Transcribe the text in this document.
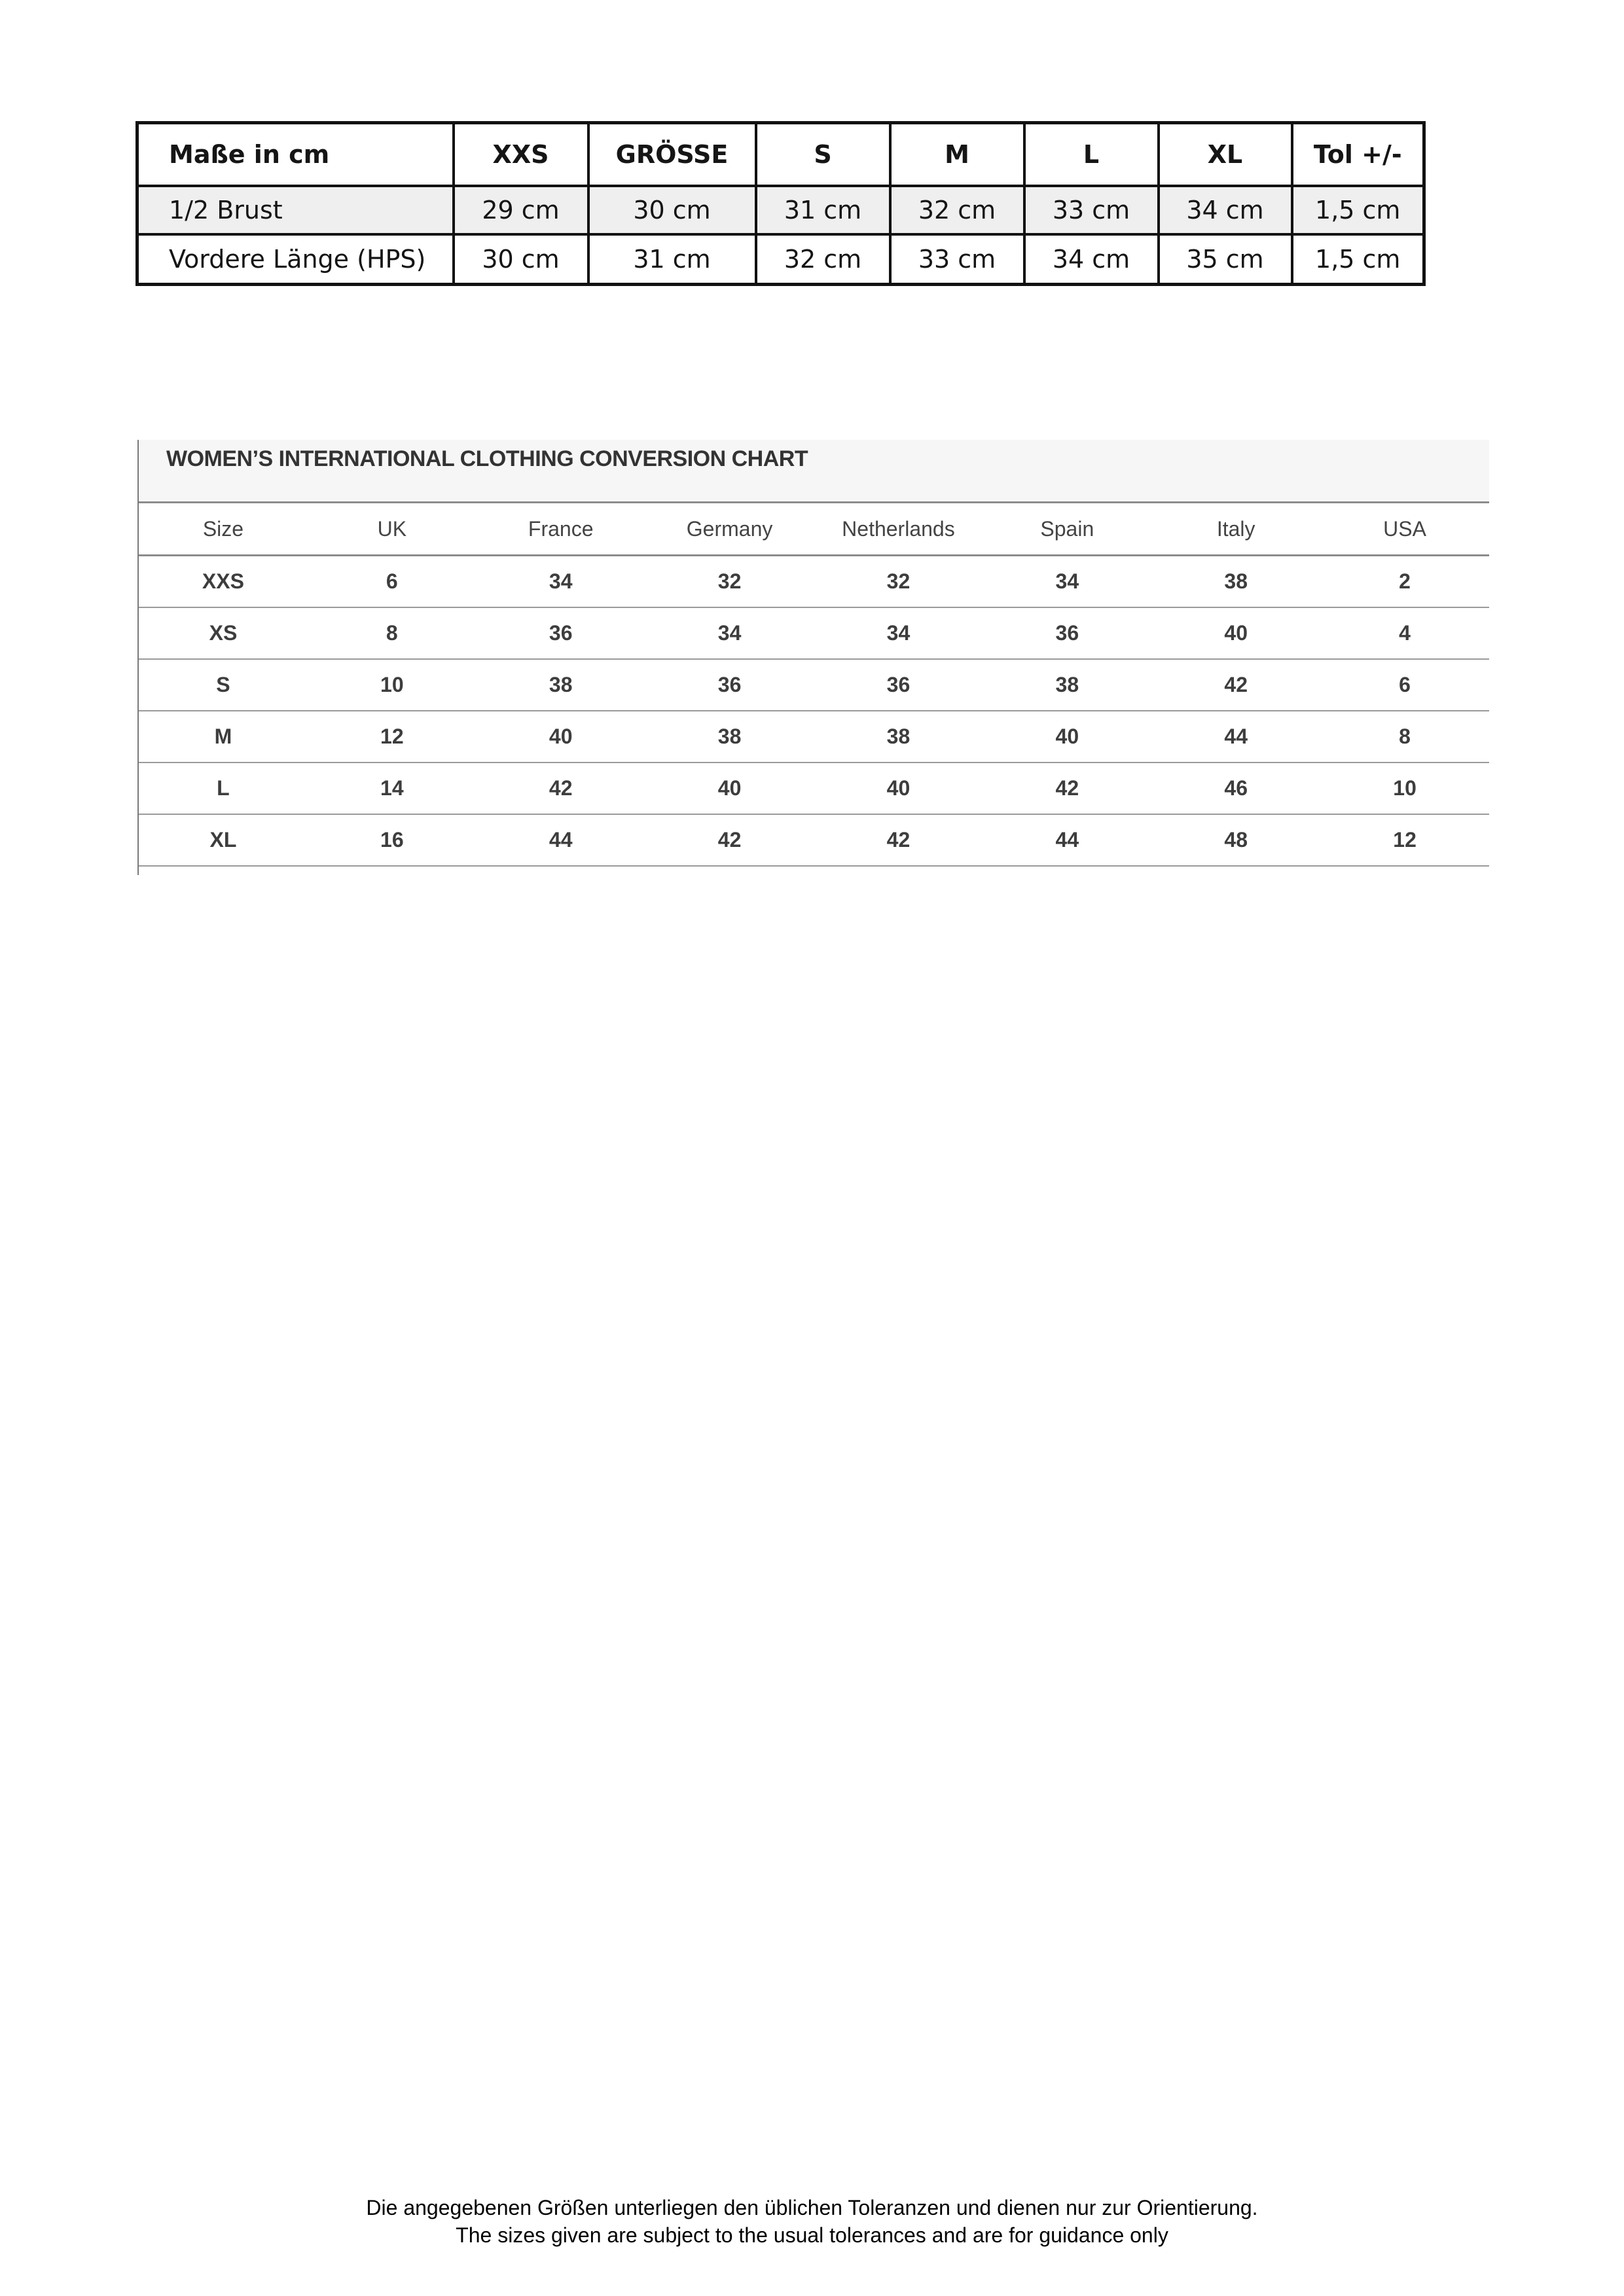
Maße in cm	XXS	GRÖSSE	S	M	L	XL	Tol +/-
1/2 Brust	29 cm	30 cm	31 cm	32 cm	33 cm	34 cm	1,5 cm
Vordere Länge (HPS)	30 cm	31 cm	32 cm	33 cm	34 cm	35 cm	1,5 cm
WOMEN’S INTERNATIONAL CLOTHING CONVERSION CHART
Size	UK	France	Germany	Netherlands	Spain	Italy	USA
XXS	6	34	32	32	34	38	2
XS	8	36	34	34	36	40	4
S	10	38	36	36	38	42	6
M	12	40	38	38	40	44	8
L	14	42	40	40	42	46	10
XL	16	44	42	42	44	48	12
Die angegebenen Größen unterliegen den üblichen Toleranzen und dienen nur zur Orientierung.
The sizes given are subject to the usual tolerances and are for guidance only
